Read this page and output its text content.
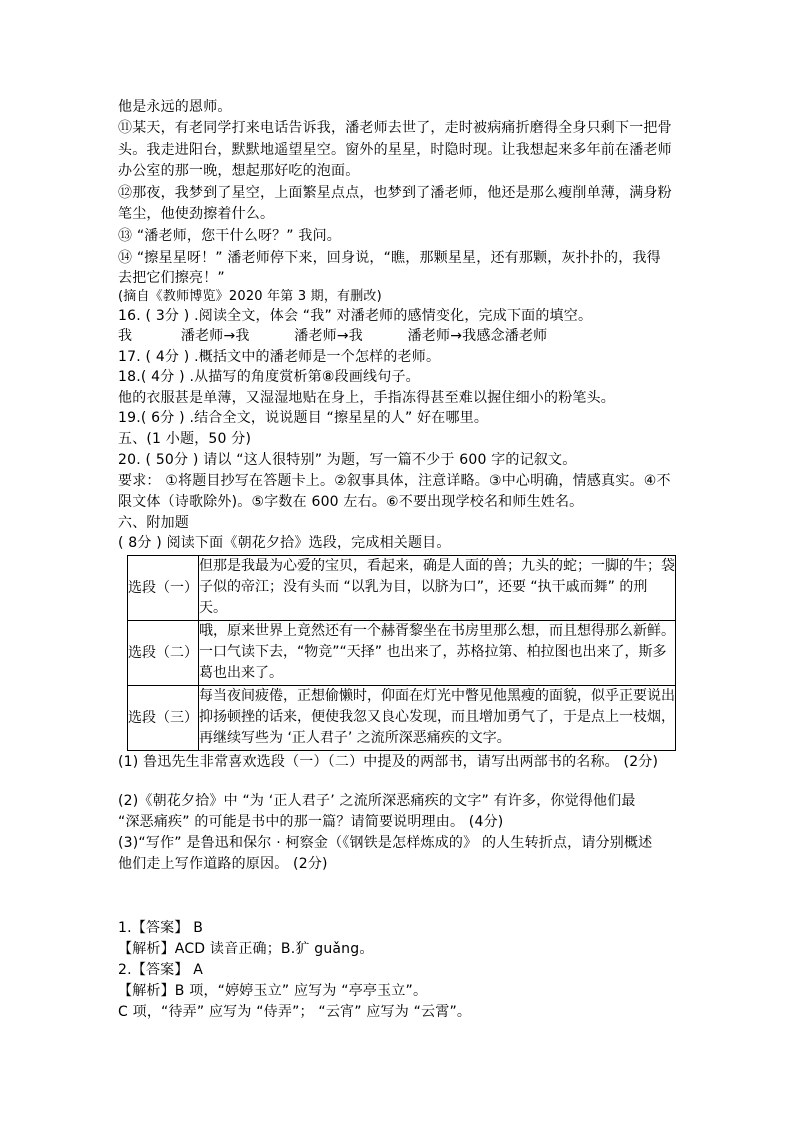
他是永远的恩师。
⑪某天，有老同学打来电话告诉我，潘老师去世了，走时被病痛折磨得全身只剩下一把骨
头。我走进阳台，默默地遥望星空。窗外的星星，时隐时现。让我想起来多年前在潘老师
办公室的那一晚，想起那好吃的泡面。
⑫那夜，我梦到了星空，上面繁星点点，也梦到了潘老师，他还是那么瘦削单薄，满身粉
笔尘，他使劲擦着什么。
⑬ “潘老师，您干什么呀？” 我问。
⑭ “擦星星呀！” 潘老师停下来，回身说，“瞧，那颗星星，还有那颗，灰扑扑的，我得
去把它们擦亮！”
(摘自《教师博览》2020 年第 3 期，有删改)
16. ( 3分 ) .阅读全文，体会 “我” 对潘老师的感情变化，完成下面的填空。
我	潘老师→我	潘老师→我	潘老师→我感念潘老师
17. ( 4分 ) .概括文中的潘老师是一个怎样的老师。
18.( 4分 ) .从描写的角度赏析第⑧段画线句子。
他的衣服甚是单薄，又湿湿地贴在身上，手指冻得甚至难以握住细小的粉笔头。
19.( 6分 ) .结合全文，说说题目 “擦星星的人” 好在哪里。
五、(1 小题，50 分)
20. ( 50分 ) 请以 “这人很特别” 为题，写一篇不少于 600 字的记叙文。
要求： ①将题目抄写在答题卡上。②叙事具体，注意详略。③中心明确，情感真实。④不
限文体（诗歌除外)。⑤字数在 600 左右。⑥不要出现学校名和师生姓名。
六、附加题
( 8分 ) 阅读下面《朝花夕拾》选段，完成相关题目。
选段（一）	但那是我最为心爱的宝贝，看起来，确是人面的兽；九头的蛇；一脚的牛；袋
子似的帝江；没有头而 “以乳为目，以脐为口”，还要 “执干戚而舞” 的刑天。

选段（二）	哦，原来世界上竟然还有一个赫胥黎坐在书房里那么想，而且想得那么新鲜。
一口气读下去，“物竞”“天择” 也出来了，苏格拉第、柏拉图也出来了，斯多
葛也出来了。

选段（三）	每当夜间疲倦，正想偷懒时，仰面在灯光中瞥见他黑瘦的面貌，似乎正要说出
抑扬顿挫的话来，便使我忽又良心发现，而且增加勇气了，于是点上一枝烟，
再继续写些为 ‘正人君子’ 之流所深恶痛疾的文字。
(1) 鲁迅先生非常喜欢选段（一）（二）中提及的两部书，请写出两部书的名称。 (2分)
(2)《朝花夕拾》中 “为 ‘正人君子’ 之流所深恶痛疾的文字” 有许多，你觉得他们最
“深恶痛疾” 的可能是书中的那一篇？请简要说明理由。 (4分)
(3)“写作” 是鲁迅和保尔 · 柯察金（《钢铁是怎样炼成的》 的人生转折点，请分别概述
他们走上写作道路的原因。 (2分)
1.【答案】 B
【解析】ACD 读音正确；B.犷 guǎng。
2.【答案】 A
【解析】B 项，“婷婷玉立” 应写为 “亭亭玉立”。
C 项，“待弄” 应写为 “侍弄”； “云宵” 应写为 “云霄”。
